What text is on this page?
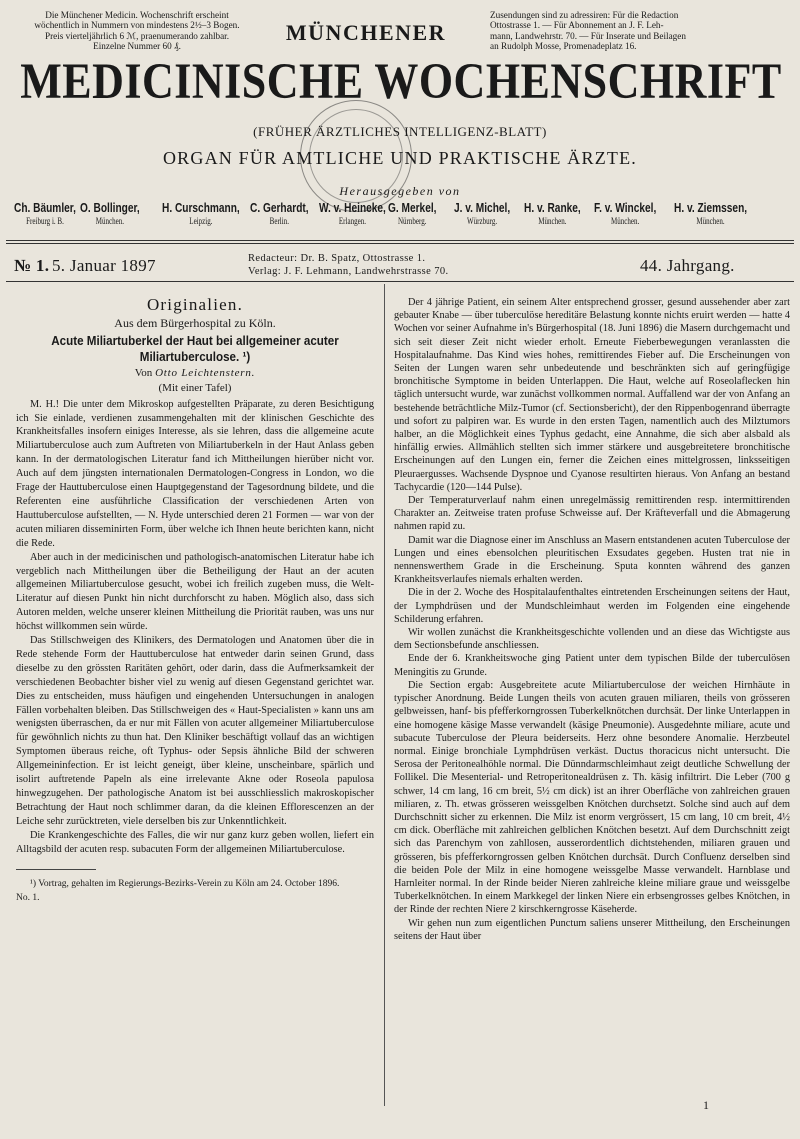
Die Münchener Medicin. Wochenschrift erscheint
wöchentlich in Nummern von mindestens 2½–3 Bogen.
Preis vierteljährlich 6 ℳ, praenumerando zahlbar.
Einzelne Nummer 60 ₰.
Zusendungen sind zu adressiren: Für die Redaction
Ottostrasse 1. — Für Abonnement an J. F. Leh-
mann, Landwehrstr. 70. — Für Inserate und Beilagen
an Rudolph Mosse, Promenadeplatz 16.
MÜNCHENER
MEDICINISCHE WOCHENSCHRIFT
(FRÜHER ÄRZTLICHES INTELLIGENZ-BLATT)
ORGAN FÜR AMTLICHE UND PRAKTISCHE ÄRZTE.
Herausgegeben von
Ch. Bäumler,
Freiburg i. B.
O. Bollinger,
München.
H. Curschmann,
Leipzig.
C. Gerhardt,
Berlin.
W. v. Heineke,
Erlangen.
G. Merkel,
Nürnberg.
J. v. Michel,
Würzburg.
H. v. Ranke,
München.
F. v. Winckel,
München.
H. v. Ziemssen,
München.
№ 1. 5. Januar 1897	Redacteur: Dr. B. Spatz, Ottostrasse 1.
Verlag: J. F. Lehmann, Landwehrstrasse 70.	44. Jahrgang.
Originalien.
Aus dem Bürgerhospital zu Köln.
Acute Miliartuberkel der Haut bei allgemeiner acuter Miliartuberculose. ¹)
Von Otto Leichtenstern.
(Mit einer Tafel)

M. H.! Die unter dem Mikroskop aufgestellten Präparate, zu deren Besichtigung ich Sie einlade, verdienen zusammengehalten mit der klinischen Geschichte des Krankheitsfalles insofern einiges Interesse, als sie lehren, dass die allgemeine acute Miliartuberculose auch zum Auftreten von Miliartuberkeln in der Haut Anlass geben kann. In der dermatologischen Literatur fand ich Mittheilungen hierüber nicht vor. Auch auf dem jüngsten internationalen Dermatologen-Congress in London, wo die Frage der Hauttuberculose einen Hauptgegenstand der Tagesordnung bildete, und die Referenten eine ausführliche Classification der verschiedenen Arten von Hauttuberculose aufstellten, — N. Hyde unterschied deren 21 Formen — war von der acuten miliaren disseminirten Form, über welche ich Ihnen heute berichten kann, nicht die Rede.

Aber auch in der medicinischen und pathologisch-anatomischen Literatur habe ich vergeblich nach Mittheilungen über die Betheiligung der Haut an der acuten allgemeinen Miliartuberculose gesucht, wobei ich freilich zugeben muss, die Welt-Literatur auf diesen Punkt hin nicht durchforscht zu haben. Möglich also, dass sich Autoren melden, welche unserer kleinen Mittheilung die Priorität rauben, was uns nur höchst willkommen sein würde.

Das Stillschweigen des Klinikers, des Dermatologen und Anatomen über die in Rede stehende Form der Hauttuberculose hat entweder darin seinen Grund, dass dieselbe zu den grössten Raritäten gehört, oder darin, dass die Aufmerksamkeit der verschiedenen Beobachter bisher viel zu wenig auf diesen Gegenstand gerichtet war. Dies zu entscheiden, muss häufigen und eingehenden Untersuchungen in analogen Fällen vorbehalten bleiben. Das Stillschweigen des « Haut-Specialisten » kann uns am wenigsten überraschen, da er nur mit Fällen von acuter allgemeiner Miliartuberculose für gewöhnlich nichts zu thun hat. Den Kliniker beschäftigt vollauf das an wichtigen Symptomen überaus reiche, oft Typhus- oder Sepsis ähnliche Bild der schweren Allgemeininfection. Er ist leicht geneigt, über kleine, unscheinbare, spärlich und isolirt auftretende Papeln als eine irrelevante Akne oder Roseola papulosa hinwegzugehen. Der pathologische Anatom ist bei ausschliesslich makroskopischer Betrachtung der Haut noch schlimmer daran, da die kleinen Efflorescenzen an der Leiche sehr zurücktreten, viele derselben bis zur Unkenntlichkeit.

Die Krankengeschichte des Falles, die wir nur ganz kurz geben wollen, liefert ein Alltagsbild der acuten resp. subacuten Form der allgemeinen Miliartuberculose.

¹) Vortrag, gehalten im Regierungs-Bezirks-Verein zu Köln am 24. October 1896.
No. 1.

Der 4 jährige Patient, ein seinem Alter entsprechend grosser, gesund aussehender aber zart gebauter Knabe — über tuberculöse hereditäre Belastung konnte nichts eruirt werden — hatte 4 Wochen vor seiner Aufnahme in's Bürgerhospital (18. Juni 1896) die Masern durchgemacht und sich seit dieser Zeit nicht wieder erholt. Erneute Fieberbewegungen veranlassten die Hospitalaufnahme. Das Kind wies hohes, remittirendes Fieber auf. Die Erscheinungen von Seiten der Lungen waren sehr unbedeutende und beschränkten sich auf geringfügige bronchitische Symptome in beiden Unterlappen. Die Haut, welche auf Roseolaflecken hin täglich untersucht wurde, war zunächst vollkommen normal. Auffallend war der von Anfang an bestehende beträchtliche Milz-Tumor (cf. Sectionsbericht), der den Rippenbogenrand überragte und sofort zu palpiren war. Es wurde in den ersten Tagen, namentlich auch des Milztumors halber, an die Möglichkeit eines Typhus gedacht, eine Annahme, die sich aber alsbald als hinfällig erwies. Allmählich stellten sich immer stärkere und ausgebreitetere bronchitische Erscheinungen auf den Lungen ein, ferner die Zeichen eines mittelgrossen, linksseitigen Pleuraergusses. Wachsende Dyspnoe und Cyanose resultirten hieraus. Von Anfang an bestand Tachycardie (120—144 Pulse).

Der Temperaturverlauf nahm einen unregelmässig remittirenden resp. intermittirenden Charakter an. Zeitweise traten profuse Schweisse auf. Der Kräfteverfall und die Abmagerung nahmen rapid zu.

Damit war die Diagnose einer im Anschluss an Masern entstandenen acuten Tuberculose der Lungen und eines ebensolchen pleuritischen Exsudates gegeben. Husten trat nie in nennenswerthem Grade in die Erscheinung. Sputa konnten während des ganzen Krankheitsverlaufes niemals erhalten werden.

Die in der 2. Woche des Hospitalaufenthaltes eintretenden Erscheinungen seitens der Haut, der Lymphdrüsen und der Mundschleimhaut werden im Folgenden eine eingehende Schilderung erfahren.

Wir wollen zunächst die Krankheitsgeschichte vollenden und an diese das Wichtigste aus dem Sectionsbefunde anschliessen.

Ende der 6. Krankheitswoche ging Patient unter dem typischen Bilde der tuberculösen Meningitis zu Grunde.

Die Section ergab: Ausgebreitete acute Miliartuberculose der weichen Hirnhäute in typischer Anordnung. Beide Lungen theils von acuten grauen miliaren, theils von grösseren gelbweissen, hanf- bis pfefferkorngrossen Tuberkelknötchen durchsät. Der linke Unterlappen in eine homogene käsige Masse verwandelt (käsige Pneumonie). Ausgedehnte miliare, acute und subacute Tuberculose der Pleura beiderseits. Herz ohne besondere Anomalie. Herzbeutel normal. Einige bronchiale Lymphdrüsen verkäst. Ductus thoracicus nicht untersucht. Die Serosa der Peritonealhöhle normal. Die Dünndarmschleimhaut zeigt deutliche Schwellung der Follikel. Die Mesenterial- und Retroperitonealdrüsen z. Th. käsig infiltrirt. Die Leber (700 g schwer, 14 cm lang, 16 cm breit, 5½ cm dick) ist an ihrer Oberfläche von zahlreichen grauen miliaren, z. Th. etwas grösseren weissgelben Knötchen durchsetzt. Solche sind auch auf dem Durchschnitt sicher zu erkennen. Die Milz ist enorm vergrössert, 15 cm lang, 10 cm breit, 4½ cm dick. Oberfläche mit zahlreichen gelblichen Knötchen besetzt. Auf dem Durchschnitt zeigt sich das Parenchym von zahllosen, ausserordentlich dichtstehenden, miliaren grauen und grösseren, bis pfefferkorngrossen gelben Knötchen durchsät. Durch Confluenz derselben sind die beiden Pole der Milz in eine homogene weissgelbe Masse verwandelt. Harnblase und Harnleiter normal. In der Rinde beider Nieren zahlreiche kleine miliare graue und weissgelbe Tuberkelknötchen. In einem Markkegel der linken Niere ein erbsengrosses gelbes Knötchen, in der Rinde der rechten Niere 2 kirschkerngrosse Käseherde.

Wir gehen nun zum eigentlichen Punctum saliens unserer Mittheilung, den Erscheinungen seitens der Haut über

1
